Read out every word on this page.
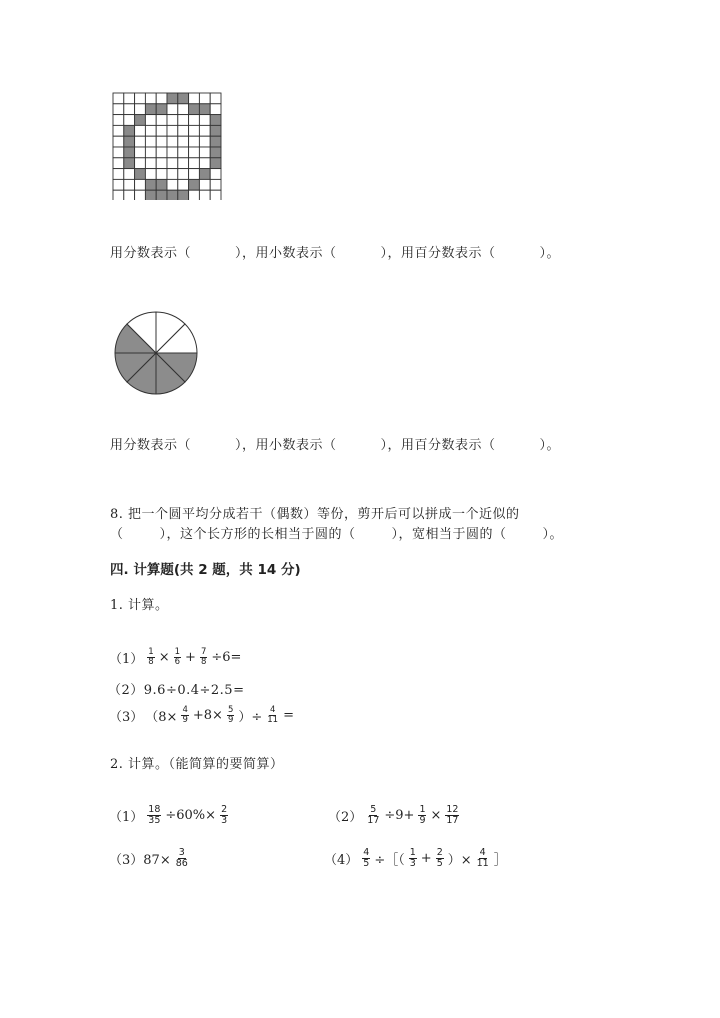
用分数表示（	），用小数表示（	），用百分数表示（	）。
用分数表示（	），用小数表示（	），用百分数表示（	）。
8. 把一个圆平均分成若干（偶数）等份，剪开后可以拼成一个近似的
（	），这个长方形的长相当于圆的（	），宽相当于圆的（	）。
四. 计算题(共 2 题，共 14 分)
1. 计算。
$(1) \frac{1}{8} \times \frac{1}{6} + \frac{7}{8} \div 6=$
（2）9.6÷0.4÷2.5=
（3） （$8\times \frac{4}{9} +8\times \frac{5}{9}$ ）÷ $\frac{4}{11}$ =
2. 计算。（能简算的要简算）
$(1) \frac{18}{35} \div 60\%\times \frac{2}{3}$	$(2) \frac{5}{17} \div 9+ \frac{1}{9} \times \frac{12}{17}$
$(3)87\times \frac{3}{86}$	$(4) \frac{4}{5}$ ÷［（ $\frac{1}{3} + \frac{2}{5}$ ）× $\frac{4}{11}$ ］
